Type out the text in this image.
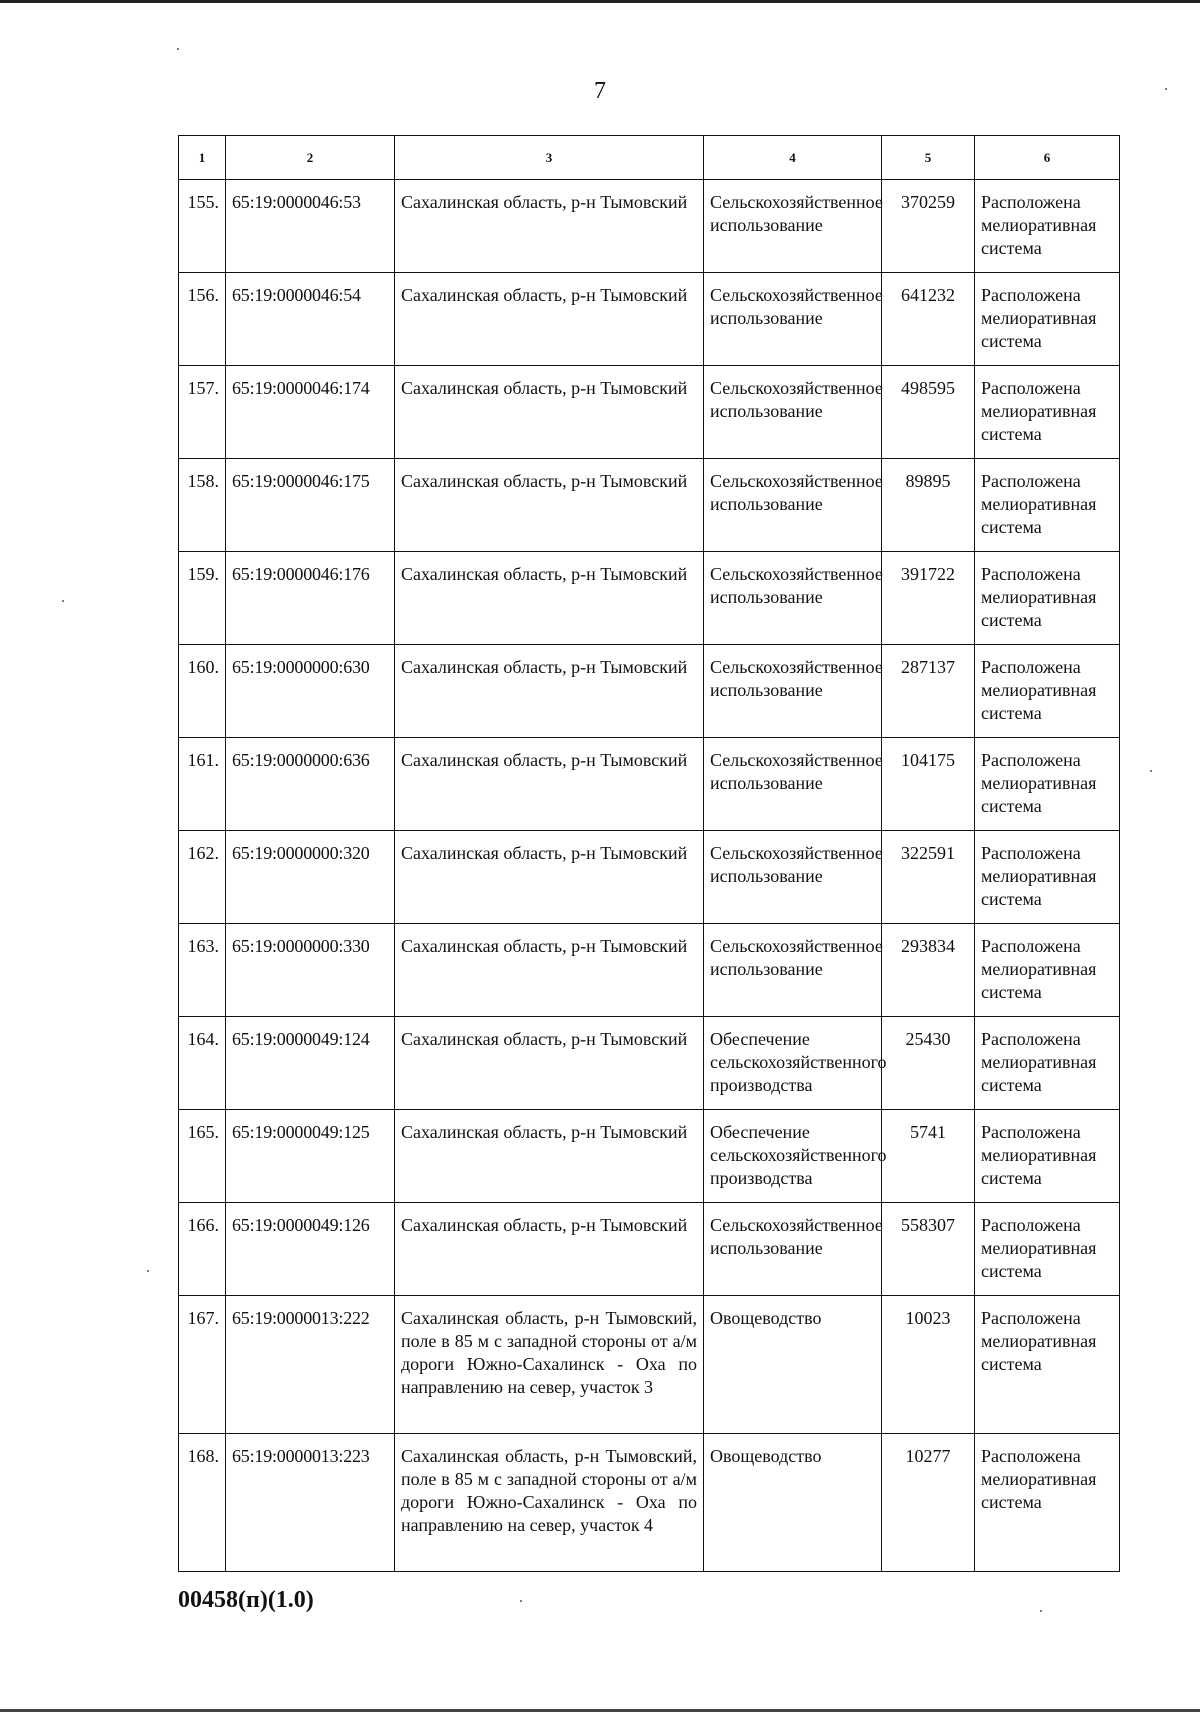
7
1	2	3	4	5	6
155.	65:19:0000046:53	Сахалинская область, р-н Тымовский	Сельскохозяйственное использование	370259	Расположена мелиоративная система
156.	65:19:0000046:54	Сахалинская область, р-н Тымовский	Сельскохозяйственное использование	641232	Расположена мелиоративная система
157.	65:19:0000046:174	Сахалинская область, р-н Тымовский	Сельскохозяйственное использование	498595	Расположена мелиоративная система
158.	65:19:0000046:175	Сахалинская область, р-н Тымовский	Сельскохозяйственное использование	89895	Расположена мелиоративная система
159.	65:19:0000046:176	Сахалинская область, р-н Тымовский	Сельскохозяйственное использование	391722	Расположена мелиоративная система
160.	65:19:0000000:630	Сахалинская область, р-н Тымовский	Сельскохозяйственное использование	287137	Расположена мелиоративная система
161.	65:19:0000000:636	Сахалинская область, р-н Тымовский	Сельскохозяйственное использование	104175	Расположена мелиоративная система
162.	65:19:0000000:320	Сахалинская область, р-н Тымовский	Сельскохозяйственное использование	322591	Расположена мелиоративная система
163.	65:19:0000000:330	Сахалинская область, р-н Тымовский	Сельскохозяйственное использование	293834	Расположена мелиоративная система
164.	65:19:0000049:124	Сахалинская область, р-н Тымовский	Обеспечение сельскохозяйственного производства	25430	Расположена мелиоративная система
165.	65:19:0000049:125	Сахалинская область, р-н Тымовский	Обеспечение сельскохозяйственного производства	5741	Расположена мелиоративная система
166.	65:19:0000049:126	Сахалинская область, р-н Тымовский	Сельскохозяйственное использование	558307	Расположена мелиоративная система
167.	65:19:0000013:222	Сахалинская область, р-н Тымовский, поле в 85 м с западной стороны от а/м дороги Южно-Сахалинск - Оха по направлению на север, участок 3	Овощеводство	10023	Расположена мелиоративная система
168.	65:19:0000013:223	Сахалинская область, р-н Тымовский, поле в 85 м с западной стороны от а/м дороги Южно-Сахалинск - Оха по направлению на север, участок 4	Овощеводство	10277	Расположена мелиоративная система
00458(п)(1.0)
